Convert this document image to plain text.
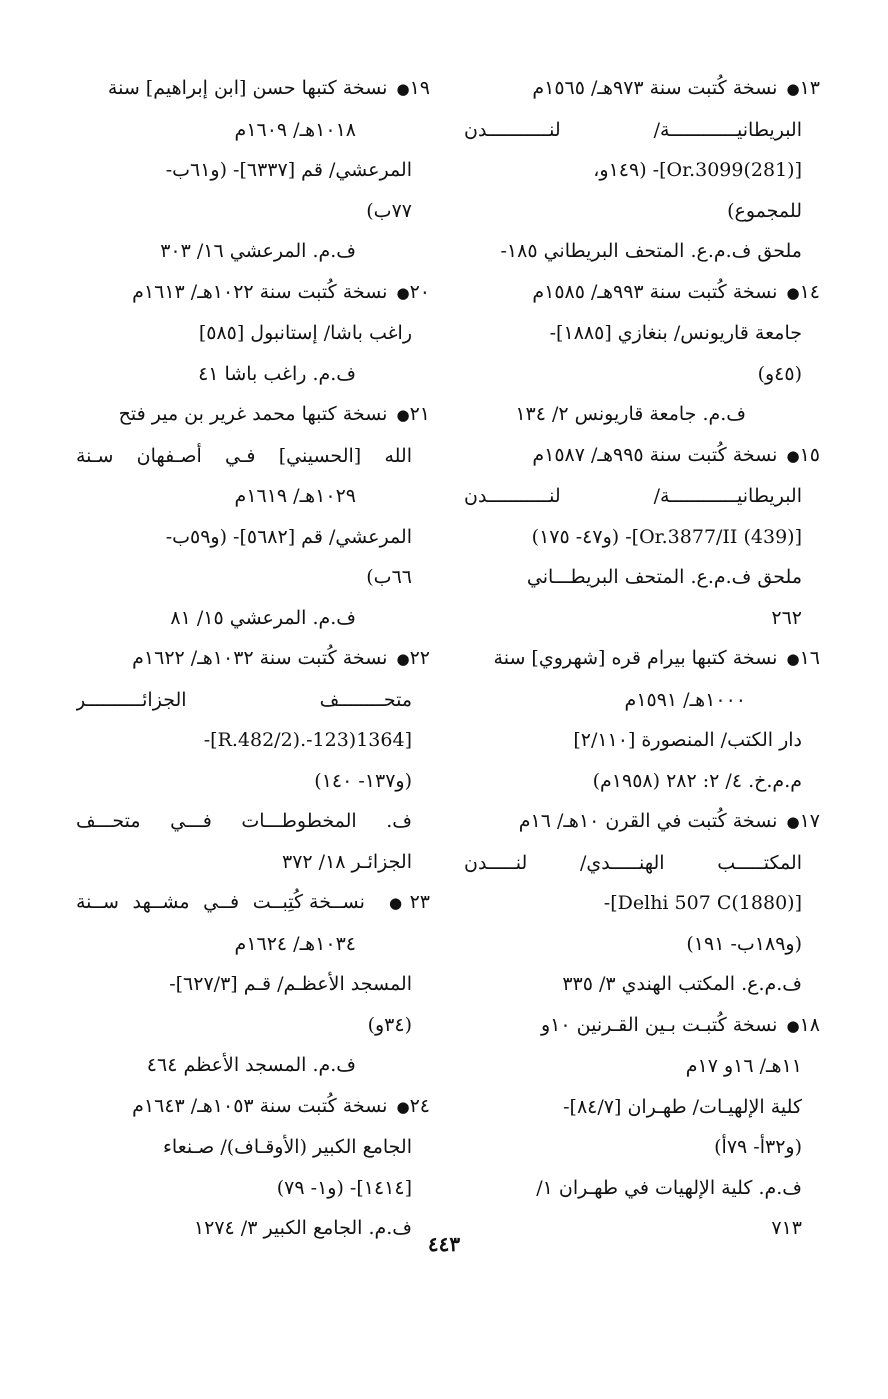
١٣● نسخة كُتبت سنة ٩٧٣هـ/ ١٥٦٥م
البريطانيــــــــــــة/ لنـــــــــــدن
[Or.3099(281)]- (١٤٩و،
للمجموع)
ملحق ف.م.ع. المتحف البريطاني ١٨٥-
١٤● نسخة كُتبت سنة ٩٩٣هـ/ ١٥٨٥م
جامعة قاريونس/ بنغازي [١٨٨٥]-
(٤٥و)
ف.م. جامعة قاريونس ٢/ ١٣٤
١٥● نسخة كُتبت سنة ٩٩٥هـ/ ١٥٨٧م
البريطانيــــــــــــة/ لنـــــــــــدن
[Or.3877/II (439)]- (و٤٧- ١٧٥)
ملحق ف.م.ع. المتحف البريطـــاني
٢٦٢
١٦● نسخة كتبها بيرام قره [شهروي] سنة
١٠٠٠هـ/ ١٥٩١م
دار الكتب/ المنصورة [٢/١١٠]
م.م.خ. ٤/ ٢: ٢٨٢ (١٩٥٨م)
١٧● نسخة كُتبت في القرن ١٠هـ/ ١٦م
المكتـــــب الهنـــــدي/ لنـــــدن
[Delhi 507 C(1880)]-
(و١٨٩ب- ١٩١)
ف.م.ع. المكتب الهندي ٣/ ٣٣٥
١٨● نسخة كُتبـت بـين القـرنين ١٠و
١١هـ/ ١٦و ١٧م
كلية الإلهيـات/ طهـران [٨٤/٧]-
(و٣٢أ- ٧٩أ)
ف.م. كلية الإلهيات في طهـران ١/
٧١٣
١٩● نسخة كتبها حسن [ابن إبراهيم] سنة
١٠١٨هـ/ ١٦٠٩م
المرعشي/ قم [٦٣٣٧]- (و٦١ب-
٧٧ب)
ف.م. المرعشي ١٦/ ٣٠٣
٢٠● نسخة كُتبت سنة ١٠٢٢هـ/ ١٦١٣م
راغب باشا/ إستانبول [٥٨٥]
ف.م. راغب باشا ٤١
٢١● نسخة كتبها محمد غرير بن مير فتح
الله [الحسيني] فـي أصـفهان سـنة
١٠٢٩هـ/ ١٦١٩م
المرعشي/ قم [٥٦٨٢]- (و٥٩ب-
٦٦ب)
ف.م. المرعشي ١٥/ ٨١
٢٢● نسخة كُتبت سنة ١٠٣٢هـ/ ١٦٢٢م
متحــــــــف الجزائــــــــــر
[R.482/2).-123)1364]-
(و١٣٧- ١٤٠)
ف. المخطوطـــات فـــي متحـــف
الجزائـر ١٨/ ٣٧٢
٢٣● نســخة كُتِبــت فــي مشــهد ســنة
١٠٣٤هـ/ ١٦٢٤م
المسجد الأعظـم/ قـم [٦٢٧/٣]-
(٣٤و)
ف.م. المسجد الأعظم ٤٦٤
٢٤● نسخة كُتبت سنة ١٠٥٣هـ/ ١٦٤٣م
الجامع الكبير (الأوقـاف)/ صـنعاء
[١٤١٤]- (و١- ٧٩)
ف.م. الجامع الكبير ٣/ ١٢٧٤
٤٤٣
